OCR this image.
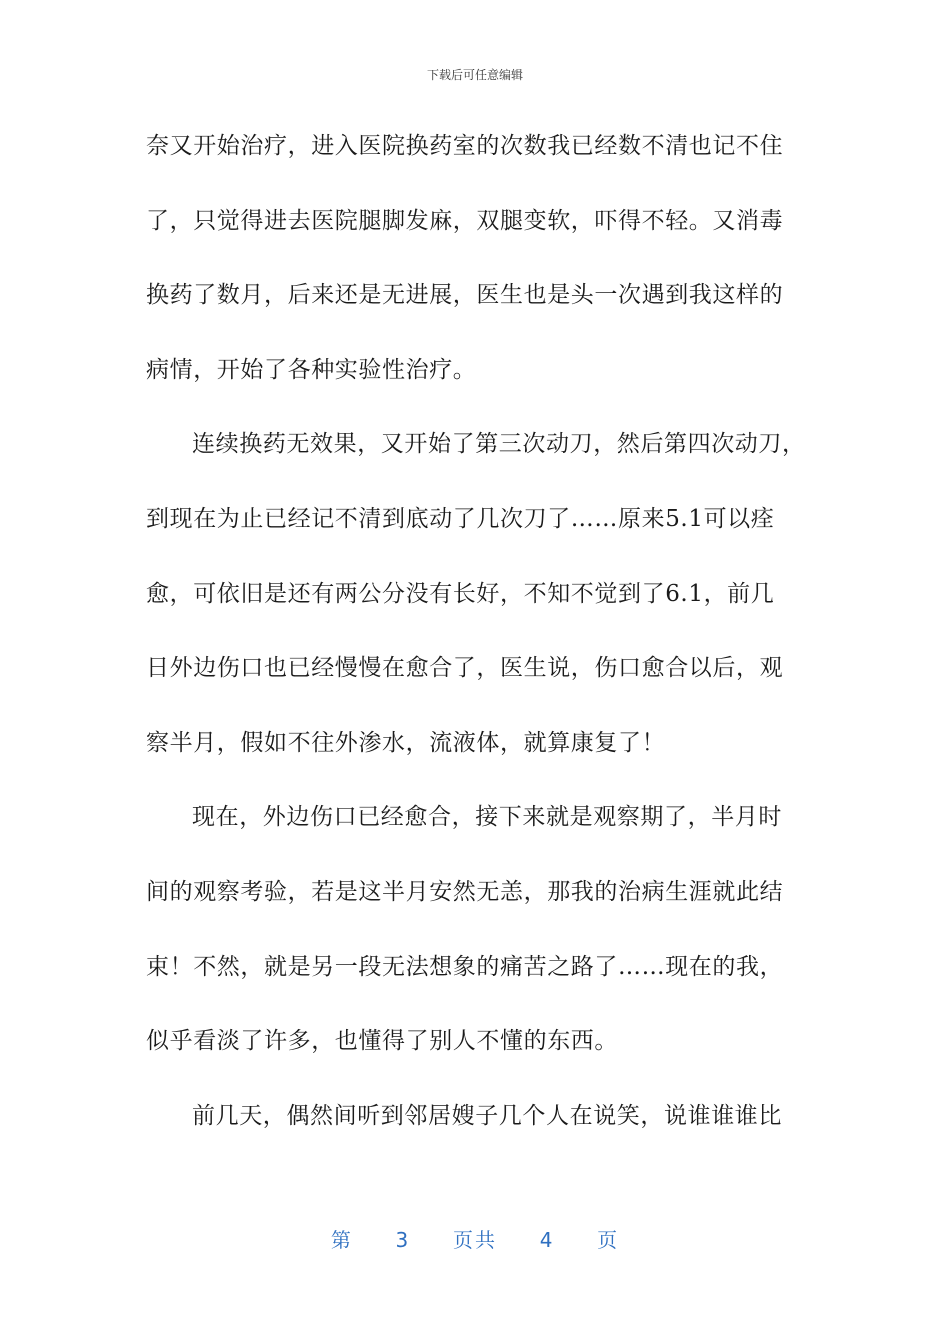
下载后可任意编辑
奈又开始治疗，进入医院换药室的次数我已经数不清也记不住
了，只觉得进去医院腿脚发麻，双腿变软，吓得不轻。又消毒
换药了数月，后来还是无进展，医生也是头一次遇到我这样的
病情，开始了各种实验性治疗。
连续换药无效果，又开始了第三次动刀，然后第四次动刀，
到现在为止已经记不清到底动了几次刀了……原来5.1可以痊
愈，可依旧是还有两公分没有长好，不知不觉到了6.1，前几
日外边伤口也已经慢慢在愈合了，医生说，伤口愈合以后，观
察半月，假如不往外渗水，流液体，就算康复了！
现在，外边伤口已经愈合，接下来就是观察期了，半月时
间的观察考验，若是这半月安然无恙，那我的治病生涯就此结
束！不然，就是另一段无法想象的痛苦之路了……现在的我，
似乎看淡了许多，也懂得了别人不懂的东西。
前几天，偶然间听到邻居嫂子几个人在说笑，说谁谁谁比
第 3 页共 4 页
